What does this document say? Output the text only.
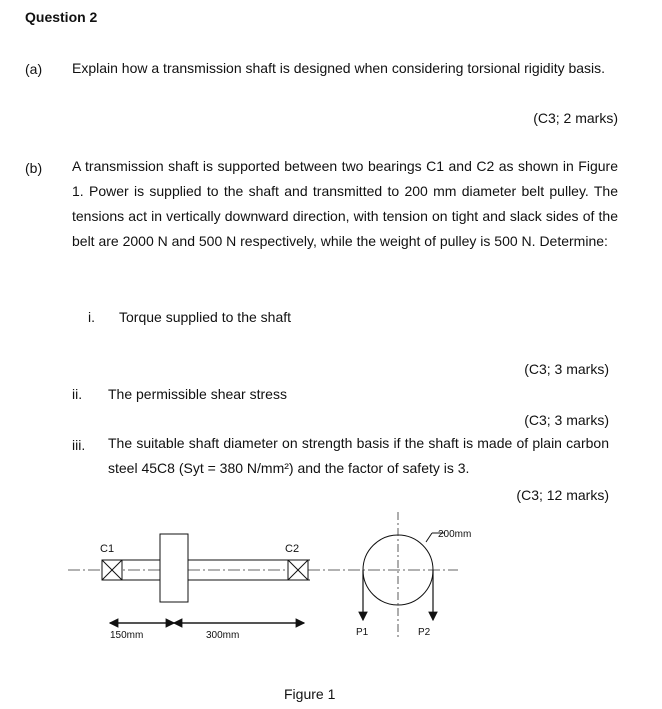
Question 2
(a) Explain how a transmission shaft is designed when considering torsional rigidity basis.
(C3; 2 marks)
(b) A transmission shaft is supported between two bearings C1 and C2 as shown in Figure 1. Power is supplied to the shaft and transmitted to 200 mm diameter belt pulley. The tensions act in vertically downward direction, with tension on tight and slack sides of the belt are 2000 N and 500 N respectively, while the weight of pulley is 500 N. Determine:
i. Torque supplied to the shaft
(C3; 3 marks)
ii. The permissible shear stress
(C3; 3 marks)
iii. The suitable shaft diameter on strength basis if the shaft is made of plain carbon steel 45C8 (Syt = 380 N/mm²) and the factor of safety is 3.
(C3; 12 marks)
C1	C2
150mm	300mm
200mm
P1	P2
Figure 1
